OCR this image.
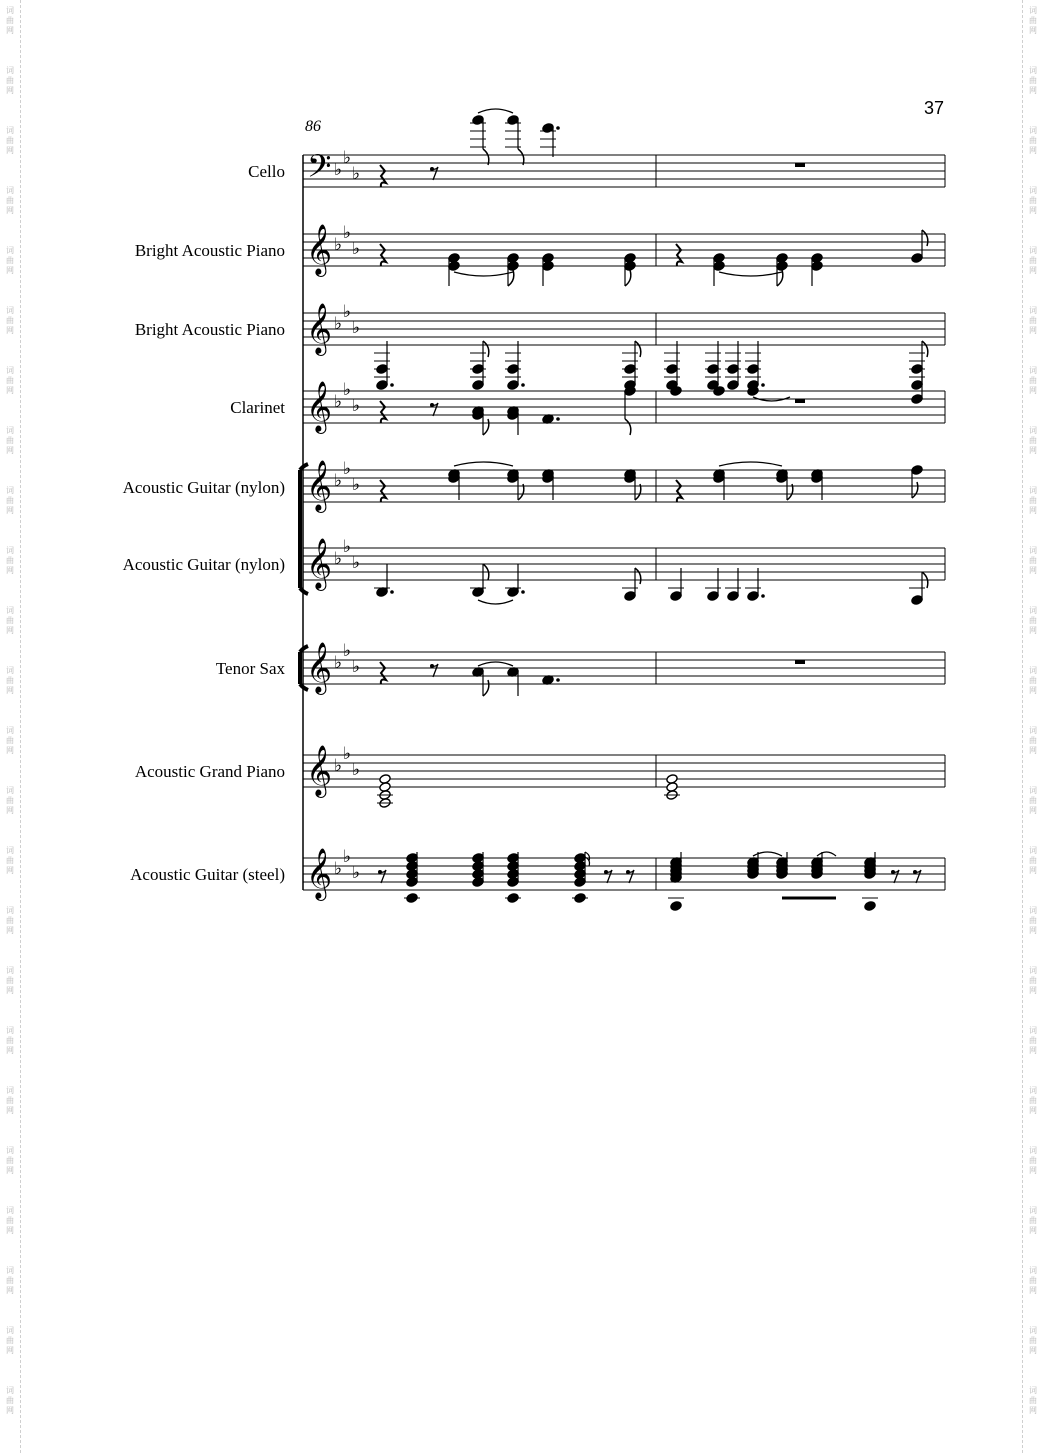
词
曲
网
词
曲
网
词
曲
网
词
曲
网
词
曲
网
词
曲
网
词
曲
网
词
曲
网
词
曲
网
词
曲
网
词
曲
网
词
曲
网
词
曲
网
词
曲
网
词
曲
网
词
曲
网
词
曲
网
词
曲
网
词
曲
网
词
曲
网
词
曲
网
词
曲
网
词
曲
网
词
曲
网
词
曲
网
词
曲
网
词
曲
网
词
曲
网
词
曲
网
词
曲
网
词
曲
网
词
曲
网
词
曲
网
词
曲
网
词
曲
网
词
曲
网
词
曲
网
词
曲
网
词
曲
网
词
曲
网
词
曲
网
词
曲
网
词
曲
网
词
曲
网
词
曲
网
词
曲
网
词
曲
网
词
曲
网
37
86
Cello
Bright Acoustic Piano
Bright Acoustic Piano
Clarinet
Acoustic Guitar (nylon)
Acoustic Guitar (nylon)
Tenor Sax
Acoustic Grand Piano
Acoustic Guitar (steel)
𝄢 ♭
♭
♭
𝄞 ♭
♭
♭
𝄞 ♭
♭
♭
𝄞 ♭
♭
♭
𝄞 ♭
♭
♭
𝄞 ♭
♭
♭
𝄞 ♭
♭
♭
𝄞 ♭
♭
♭
𝄞 ♭
♭
♭
